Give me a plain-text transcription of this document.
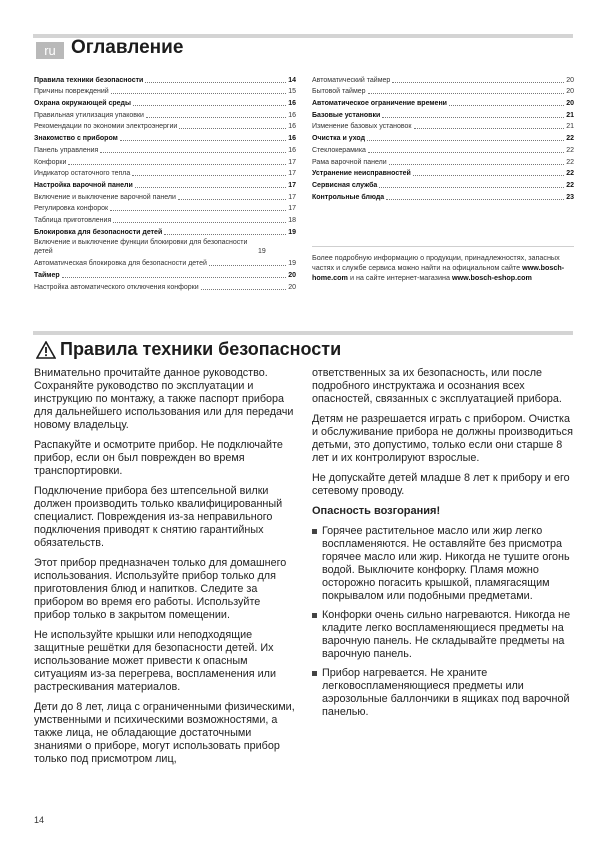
ru Оглавление
Правила техники безопасности	14
Причины повреждений	15
Охрана окружающей среды	16
Правильная утилизация упаковки	16
Рекомендации по экономии электроэнергии	16
Знакомство с прибором	16
Панель управления	16
Конфорки	17
Индикатор остаточного тепла	17
Настройка варочной панели	17
Включение и выключение варочной панели	17
Регулировка конфорок	17
Таблица приготовления	18
Блокировка для безопасности детей	19
Включение и выключение функции блокировки для безопасности детей	19
Автоматическая блокировка для безопасности детей	19
Таймер	20
Настройка автоматического отключения конфорки	20
Автоматический таймер	20
Бытовой таймер	20
Автоматическое ограничение времени	20
Базовые установки	21
Изменение базовых установок	21
Очистка и уход	22
Стеклокерамика	22
Рама варочной панели	22
Устранение неисправностей	22
Сервисная служба	22
Контрольные блюда	23

Более подробную информацию о продукции, принадлежностях, запасных частях и службе сервиса можно найти на официальном сайте www.bosch-home.com и на сайте интернет-магазина www.bosch-eshop.com

Правила техники безопасности

Внимательно прочитайте данное руководство. Сохраняйте руководство по эксплуатации и инструкцию по монтажу, а также паспорт прибора для дальнейшего использования или для передачи новому владельцу.

Распакуйте и осмотрите прибор. Не подключайте прибор, если он был поврежден во время транспортировки.

Подключение прибора без штепсельной вилки должен производить только квалифицированный специалист. Повреждения из-за неправильного подключения приводят к снятию гарантийных обязательств.

Этот прибор предназначен только для домашнего использования. Используйте прибор только для приготовления блюд и напитков. Следите за прибором во время его работы. Используйте прибор только в закрытом помещении.

Не используйте крышки или неподходящие защитные решётки для безопасности детей. Их использование может привести к опасным ситуациям из-за перегрева, воспламенения или растрескивания материалов.

Дети до 8 лет, лица с ограниченными физическими, умственными и психическими возможностями, а также лица, не обладающие достаточными знаниями о приборе, могут использовать прибор только под присмотром лиц,

ответственных за их безопасность, или после подробного инструктажа и осознания всех опасностей, связанных с эксплуатацией прибора.

Детям не разрешается играть с прибором. Очистка и обслуживание прибора не должны производиться детьми, это допустимо, только если они старше 8 лет и их контролируют взрослые.

Не допускайте детей младше 8 лет к прибору и его сетевому проводу.

Опасность возгорания!

Горячее растительное масло или жир легко воспламеняются. Не оставляйте без присмотра горячее масло или жир. Никогда не тушите огонь водой. Выключите конфорку. Пламя можно осторожно погасить крышкой, пламягасящим покрывалом или подобными предметами.
Конфорки очень сильно нагреваются. Никогда не кладите легко воспламеняющиеся предметы на варочную панель. Не складывайте предметы на варочную панель.
Прибор нагревается. Не храните легковоспламеняющиеся предметы или аэрозольные баллончики в ящиках под варочной панелью.
14
